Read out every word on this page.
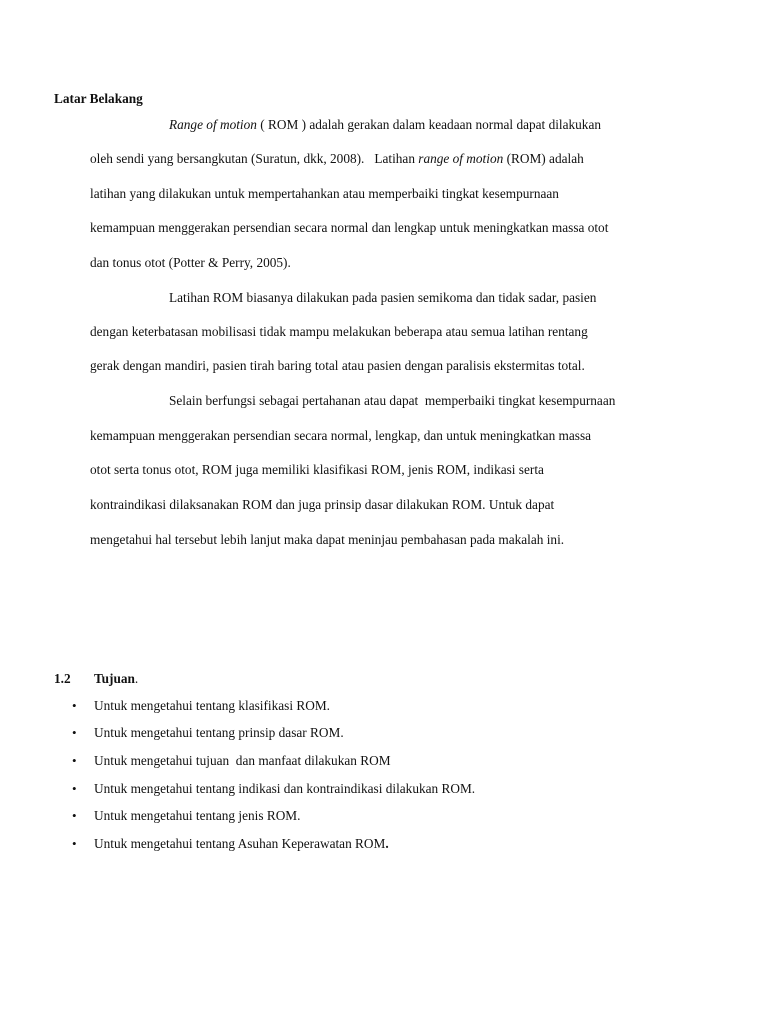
Latar Belakang
Range of motion ( ROM ) adalah gerakan dalam keadaan normal dapat dilakukan
oleh sendi yang bersangkutan (Suratun, dkk, 2008).   Latihan range of motion (ROM) adalah
latihan yang dilakukan untuk mempertahankan atau memperbaiki tingkat kesempurnaan
kemampuan menggerakan persendian secara normal dan lengkap untuk meningkatkan massa otot
dan tonus otot (Potter & Perry, 2005).
Latihan ROM biasanya dilakukan pada pasien semikoma dan tidak sadar, pasien
dengan keterbatasan mobilisasi tidak mampu melakukan beberapa atau semua latihan rentang
gerak dengan mandiri, pasien tirah baring total atau pasien dengan paralisis ekstermitas total.
Selain berfungsi sebagai pertahanan atau dapat  memperbaiki tingkat kesempurnaan
kemampuan menggerakan persendian secara normal, lengkap, dan untuk meningkatkan massa
otot serta tonus otot, ROM juga memiliki klasifikasi ROM, jenis ROM, indikasi serta
kontraindikasi dilaksanakan ROM dan juga prinsip dasar dilakukan ROM. Untuk dapat
mengetahui hal tersebut lebih lanjut maka dapat meninjau pembahasan pada makalah ini.
1.2 Tujuan.
• Untuk mengetahui tentang klasifikasi ROM.
• Untuk mengetahui tentang prinsip dasar ROM.
• Untuk mengetahui tujuan  dan manfaat dilakukan ROM
• Untuk mengetahui tentang indikasi dan kontraindikasi dilakukan ROM.
• Untuk mengetahui tentang jenis ROM.
• Untuk mengetahui tentang Asuhan Keperawatan ROM.
